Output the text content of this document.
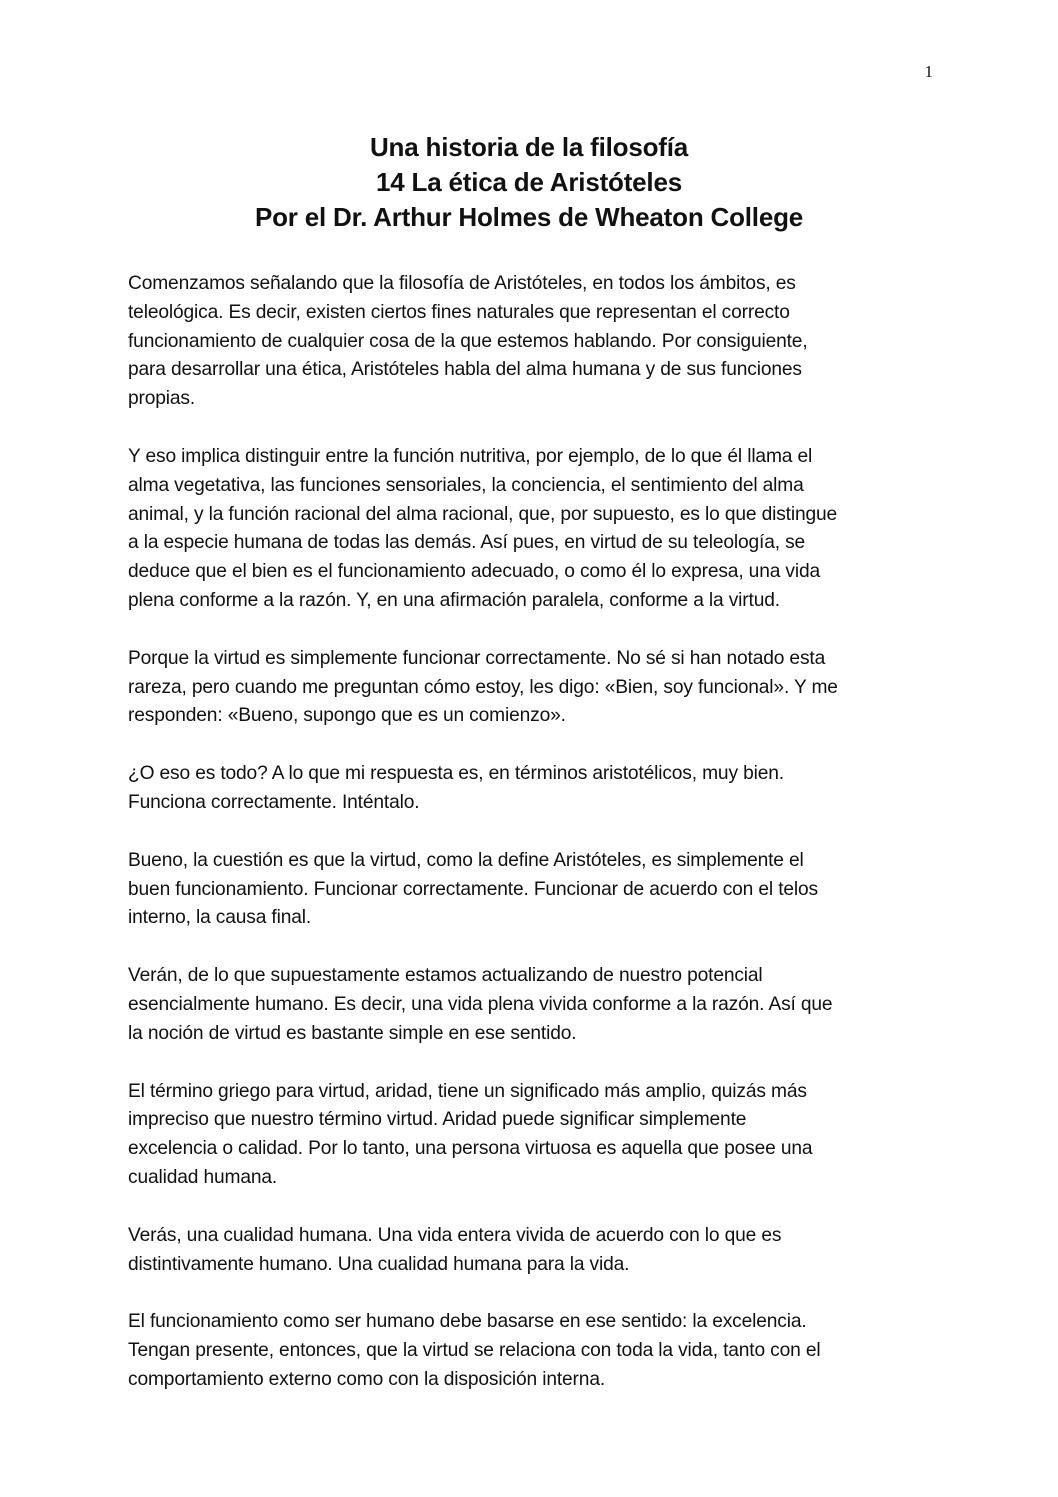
1
Una historia de la filosofía
14 La ética de Aristóteles
Por el Dr. Arthur Holmes de Wheaton College
Comenzamos señalando que la filosofía de Aristóteles, en todos los ámbitos, es
teleológica. Es decir, existen ciertos fines naturales que representan el correcto
funcionamiento de cualquier cosa de la que estemos hablando. Por consiguiente,
para desarrollar una ética, Aristóteles habla del alma humana y de sus funciones
propias.
Y eso implica distinguir entre la función nutritiva, por ejemplo, de lo que él llama el
alma vegetativa, las funciones sensoriales, la conciencia, el sentimiento del alma
animal, y la función racional del alma racional, que, por supuesto, es lo que distingue
a la especie humana de todas las demás. Así pues, en virtud de su teleología, se
deduce que el bien es el funcionamiento adecuado, o como él lo expresa, una vida
plena conforme a la razón. Y, en una afirmación paralela, conforme a la virtud.
Porque la virtud es simplemente funcionar correctamente. No sé si han notado esta
rareza, pero cuando me preguntan cómo estoy, les digo: «Bien, soy funcional». Y me
responden: «Bueno, supongo que es un comienzo».
¿O eso es todo? A lo que mi respuesta es, en términos aristotélicos, muy bien.
Funciona correctamente. Inténtalo.
Bueno, la cuestión es que la virtud, como la define Aristóteles, es simplemente el
buen funcionamiento. Funcionar correctamente. Funcionar de acuerdo con el telos
interno, la causa final.
Verán, de lo que supuestamente estamos actualizando de nuestro potencial
esencialmente humano. Es decir, una vida plena vivida conforme a la razón. Así que
la noción de virtud es bastante simple en ese sentido.
El término griego para virtud, aridad, tiene un significado más amplio, quizás más
impreciso que nuestro término virtud. Aridad puede significar simplemente
excelencia o calidad. Por lo tanto, una persona virtuosa es aquella que posee una
cualidad humana.
Verás, una cualidad humana. Una vida entera vivida de acuerdo con lo que es
distintivamente humano. Una cualidad humana para la vida.
El funcionamiento como ser humano debe basarse en ese sentido: la excelencia.
Tengan presente, entonces, que la virtud se relaciona con toda la vida, tanto con el
comportamiento externo como con la disposición interna.
